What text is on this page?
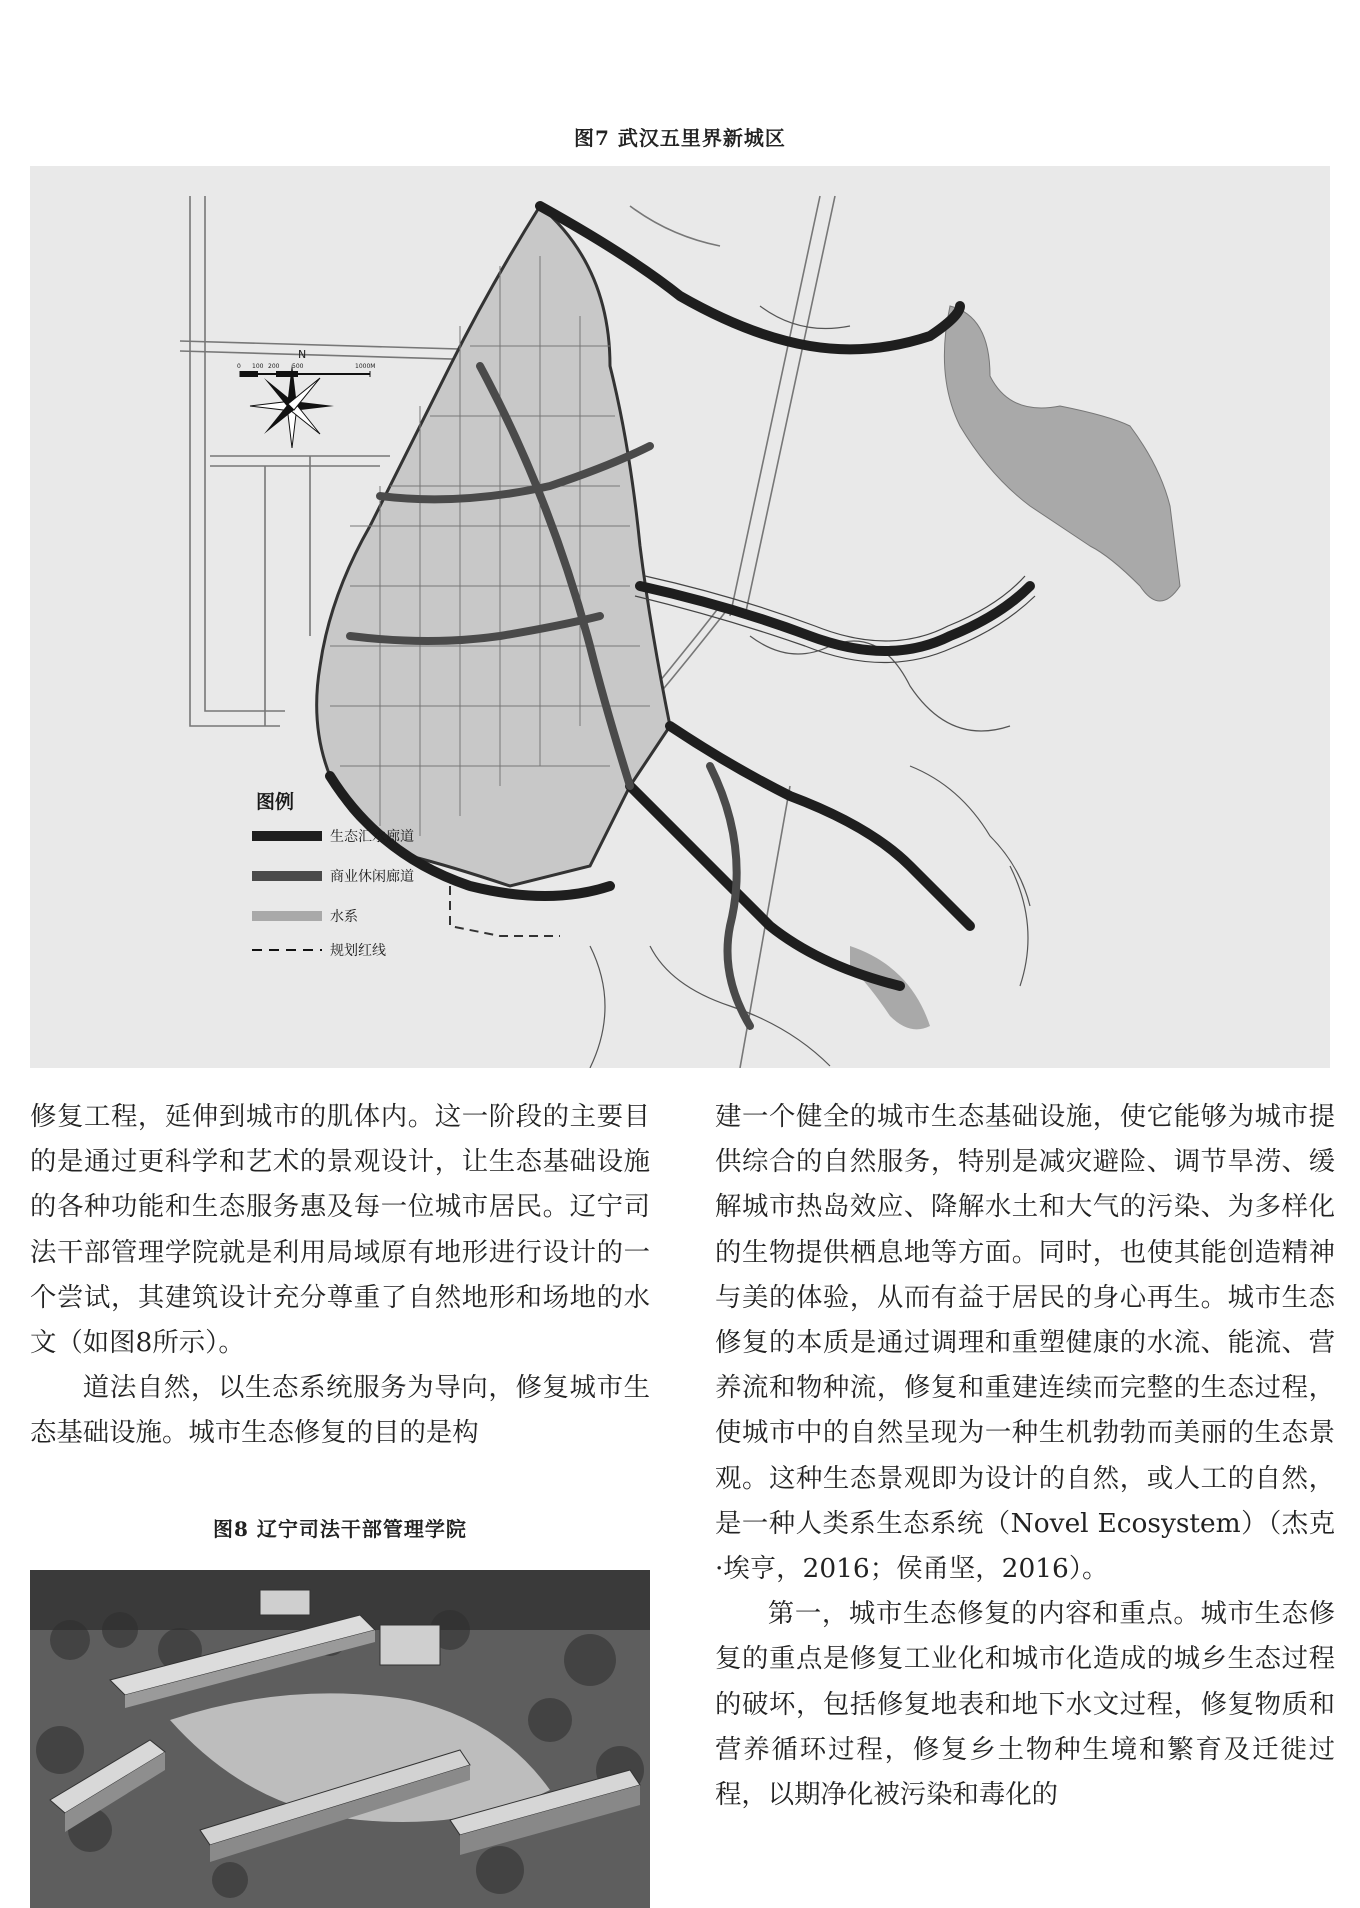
图7 武汉五里界新城区
N
0 100 200 500	1000M
图例
生态汇水廊道
商业休闲廊道
水系
规划红线

修复工程，延伸到城市的肌体内。这一阶段的主要目的是通过更科学和艺术的景观设计，让生态基础设施的各种功能和生态服务惠及每一位城市居民。辽宁司法干部管理学院就是利用局域原有地形进行设计的一个尝试，其建筑设计充分尊重了自然地形和场地的水文（如图8所示）。

道法自然，以生态系统服务为导向，修复城市生态基础设施。城市生态修复的目的是构

图8 辽宁司法干部管理学院

建一个健全的城市生态基础设施，使它能够为城市提供综合的自然服务，特别是减灾避险、调节旱涝、缓解城市热岛效应、降解水土和大气的污染、为多样化的生物提供栖息地等方面。同时，也使其能创造精神与美的体验，从而有益于居民的身心再生。城市生态修复的本质是通过调理和重塑健康的水流、能流、营养流和物种流，修复和重建连续而完整的生态过程，使城市中的自然呈现为一种生机勃勃而美丽的生态景观。这种生态景观即为设计的自然，或人工的自然，是一种人类系生态系统（Novel Ecosystem）（杰克·埃亨，2016；侯甬坚，2016）。

第一，城市生态修复的内容和重点。城市生态修复的重点是修复工业化和城市化造成的城乡生态过程的破坏，包括修复地表和地下水文过程，修复物质和营养循环过程，修复乡土物种生境和繁育及迁徙过程，以期净化被污染和毒化的
